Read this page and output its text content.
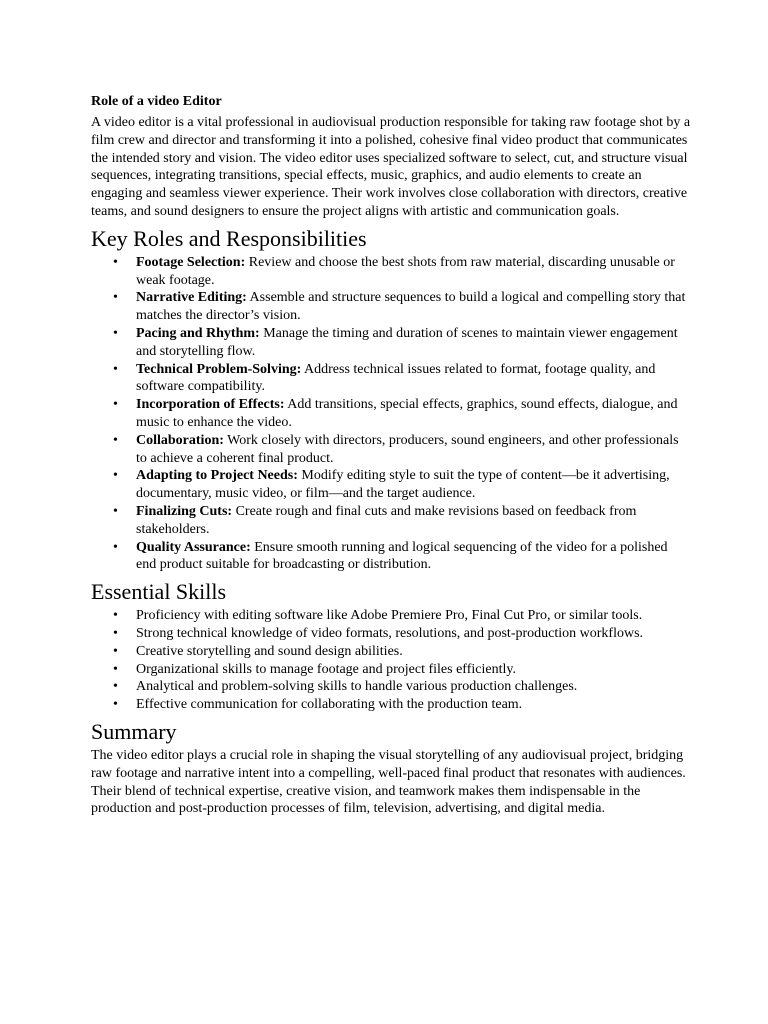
Role of a video Editor

A video editor is a vital professional in audiovisual production responsible for taking raw footage shot by a film crew and director and transforming it into a polished, cohesive final video product that communicates the intended story and vision. The video editor uses specialized software to select, cut, and structure visual sequences, integrating transitions, special effects, music, graphics, and audio elements to create an engaging and seamless viewer experience. Their work involves close collaboration with directors, creative teams, and sound designers to ensure the project aligns with artistic and communication goals.

Key Roles and Responsibilities
• Footage Selection: Review and choose the best shots from raw material, discarding unusable or weak footage.
• Narrative Editing: Assemble and structure sequences to build a logical and compelling story that matches the director’s vision.
• Pacing and Rhythm: Manage the timing and duration of scenes to maintain viewer engagement and storytelling flow.
• Technical Problem-Solving: Address technical issues related to format, footage quality, and software compatibility.
• Incorporation of Effects: Add transitions, special effects, graphics, sound effects, dialogue, and music to enhance the video.
• Collaboration: Work closely with directors, producers, sound engineers, and other professionals to achieve a coherent final product.
• Adapting to Project Needs: Modify editing style to suit the type of content—be it advertising, documentary, music video, or film—and the target audience.
• Finalizing Cuts: Create rough and final cuts and make revisions based on feedback from stakeholders.
• Quality Assurance: Ensure smooth running and logical sequencing of the video for a polished end product suitable for broadcasting or distribution.
Essential Skills
• Proficiency with editing software like Adobe Premiere Pro, Final Cut Pro, or similar tools.
• Strong technical knowledge of video formats, resolutions, and post-production workflows.
• Creative storytelling and sound design abilities.
• Organizational skills to manage footage and project files efficiently.
• Analytical and problem-solving skills to handle various production challenges.
• Effective communication for collaborating with the production team.
Summary

The video editor plays a crucial role in shaping the visual storytelling of any audiovisual project, bridging raw footage and narrative intent into a compelling, well-paced final product that resonates with audiences. Their blend of technical expertise, creative vision, and teamwork makes them indispensable in the production and post-production processes of film, television, advertising, and digital media.
